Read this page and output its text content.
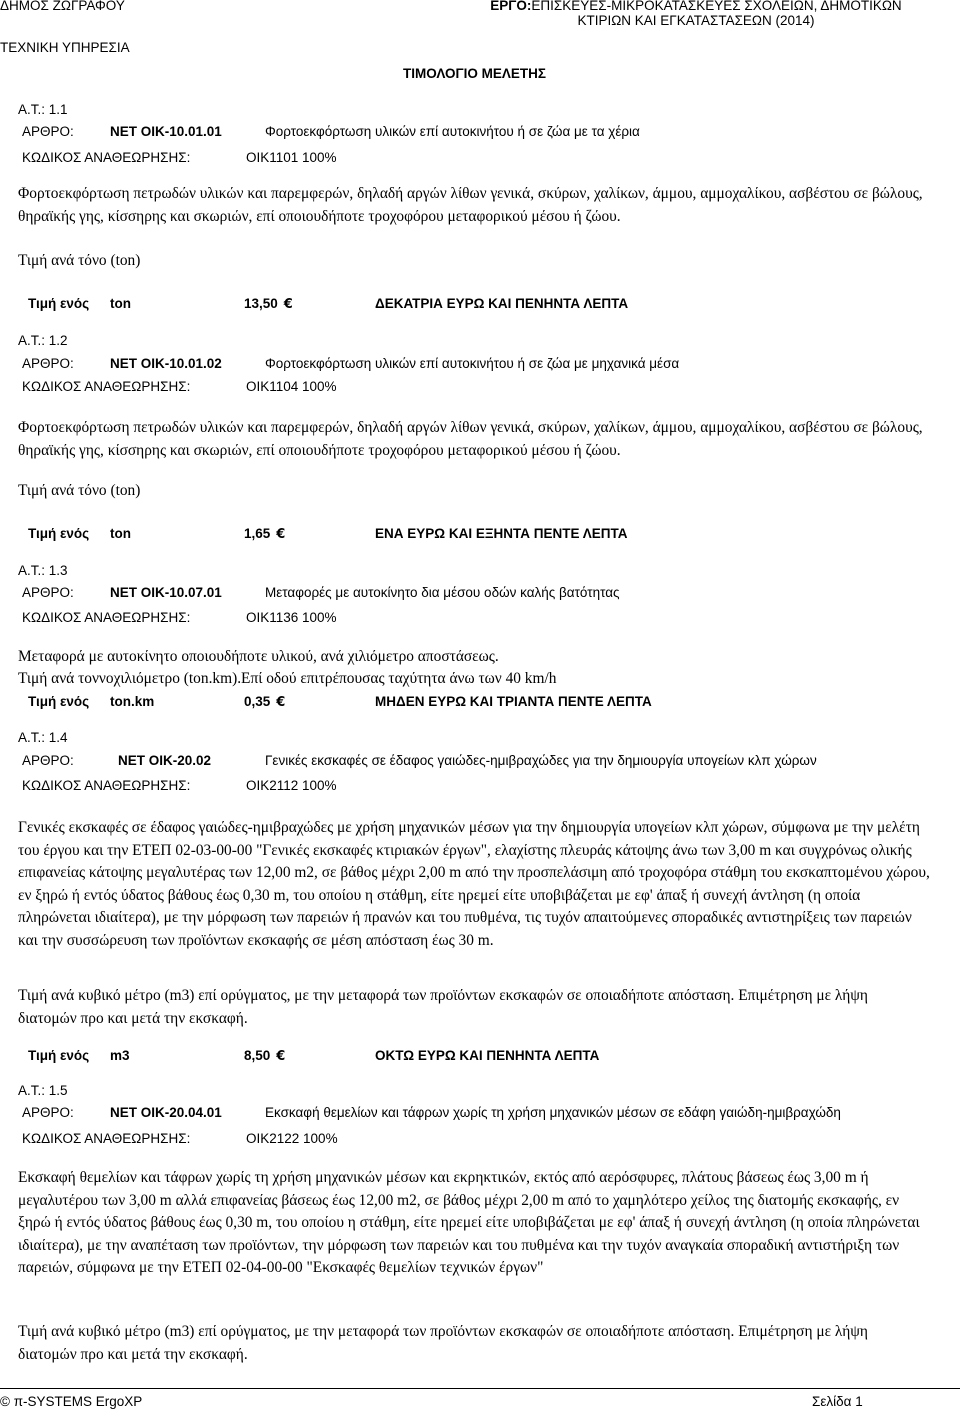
ΔΗΜΟΣ ΖΩΓΡΑΦΟΥ
ΤΕΧΝΙΚΗ ΥΠΗΡΕΣΙΑ
ΕΡΓΟ:ΕΠΙΣΚΕΥΕΣ-ΜΙΚΡΟΚΑΤΑΣΚΕΥΕΣ ΣΧΟΛΕΙΩΝ, ΔΗΜΟΤΙΚΩΝ
ΚΤΙΡΙΩΝ ΚΑΙ ΕΓΚΑΤΑΣΤΑΣΕΩΝ (2014)
ΤΙΜΟΛΟΓΙΟ ΜΕΛΕΤΗΣ
Α.Τ.: 1.1
ΑΡΘΡΟ:	ΝΕΤ ΟΙΚ-10.01.01	Φορτοεκφόρτωση υλικών επί αυτοκινήτου ή σε ζώα με τα χέρια
ΚΩΔΙΚΟΣ ΑΝΑΘΕΩΡΗΣΗΣ:	ΟΙΚ1101 100%
Φορτοεκφόρτωση πετρωδών υλικών και παρεμφερών, δηλαδή αργών λίθων γενικά, σκύρων, χαλίκων, άμμου, αμμοχαλίκου, ασβέστου σε βώλους, θηραϊκής γης, κίσσηρης και σκωριών, επί οποιουδήποτε τροχοφόρου μεταφορικού μέσου ή ζώου.
Τιμή ανά τόνο (ton)
Τιμή ενός ton	13,50 €	ΔΕΚΑΤΡΙΑ ΕΥΡΩ ΚΑΙ ΠΕΝΗΝΤΑ ΛΕΠΤΑ
Α.Τ.: 1.2
ΑΡΘΡΟ:	ΝΕΤ ΟΙΚ-10.01.02	Φορτοεκφόρτωση υλικών επί αυτοκινήτου ή σε ζώα με μηχανικά μέσα
ΚΩΔΙΚΟΣ ΑΝΑΘΕΩΡΗΣΗΣ:	ΟΙΚ1104 100%
Φορτοεκφόρτωση πετρωδών υλικών και παρεμφερών, δηλαδή αργών λίθων γενικά, σκύρων, χαλίκων, άμμου, αμμοχαλίκου, ασβέστου σε βώλους, θηραϊκής γης, κίσσηρης και σκωριών, επί οποιουδήποτε τροχοφόρου μεταφορικού μέσου ή ζώου.
Τιμή ανά τόνο (ton)
Τιμή ενός ton	1,65 €	ΕΝΑ ΕΥΡΩ ΚΑΙ ΕΞΗΝΤΑ ΠΕΝΤΕ ΛΕΠΤΑ
Α.Τ.: 1.3
ΑΡΘΡΟ:	ΝΕΤ ΟΙΚ-10.07.01	Μεταφορές με αυτοκίνητο δια μέσου οδών καλής βατότητας
ΚΩΔΙΚΟΣ ΑΝΑΘΕΩΡΗΣΗΣ:	ΟΙΚ1136 100%
Μεταφορά με αυτοκίνητο οποιουδήποτε υλικού, ανά χιλιόμετρο αποστάσεως.
Τιμή ανά τοννοχιλιόμετρο (ton.km).Επί οδού επιτρέπουσας ταχύτητα άνω των 40 km/h
Τιμή ενός ton.km	0,35 €	ΜΗΔΕΝ ΕΥΡΩ ΚΑΙ ΤΡΙΑΝΤΑ ΠΕΝΤΕ ΛΕΠΤΑ
Α.Τ.: 1.4
ΑΡΘΡΟ:	ΝΕΤ ΟΙΚ-20.02	Γενικές εκσκαφές σε έδαφος γαιώδες-ημιβραχώδες για την δημιουργία υπογείων κλπ χώρων
ΚΩΔΙΚΟΣ ΑΝΑΘΕΩΡΗΣΗΣ:	ΟΙΚ2112 100%
Γενικές εκσκαφές σε έδαφος γαιώδες-ημιβραχώδες με χρήση μηχανικών μέσων για την δημιουργία υπογείων κλπ χώρων, σύμφωνα με την μελέτη του έργου και την ΕΤΕΠ 02-03-00-00 "Γενικές εκσκαφές κτιριακών έργων", ελαχίστης πλευράς κάτοψης άνω των 3,00 m και συγχρόνως ολικής επιφανείας κάτοψης μεγαλυτέρας των 12,00 m2, σε βάθος μέχρι 2,00 m από την προσπελάσιμη από τροχοφόρα στάθμη του εκσκαπτομένου χώρου, εν ξηρώ ή εντός ύδατος βάθους έως 0,30 m, του οποίου η στάθμη, είτε ηρεμεί είτε υποβιβάζεται με εφ' άπαξ ή συνεχή άντληση (η οποία πληρώνεται ιδιαίτερα), με την μόρφωση των παρειών ή πρανών και του πυθμένα, τις τυχόν απαιτούμενες σποραδικές αντιστηρίξεις των παρειών και την συσσώρευση των προϊόντων εκσκαφής σε μέση απόσταση έως 30 m.
Τιμή ανά κυβικό μέτρο (m3) επί ορύγματος, με την μεταφορά των προϊόντων εκσκαφών σε οποιαδήποτε απόσταση. Επιμέτρηση με λήψη διατομών προ και μετά την εκσκαφή.
Τιμή ενός m3	8,50 €	ΟΚΤΩ ΕΥΡΩ ΚΑΙ ΠΕΝΗΝΤΑ ΛΕΠΤΑ
Α.Τ.: 1.5
ΑΡΘΡΟ:	ΝΕΤ ΟΙΚ-20.04.01	Εκσκαφή θεμελίων και τάφρων χωρίς τη χρήση μηχανικών μέσων σε εδάφη γαιώδη-ημιβραχώδη
ΚΩΔΙΚΟΣ ΑΝΑΘΕΩΡΗΣΗΣ:	ΟΙΚ2122 100%
Εκσκαφή θεμελίων και τάφρων χωρίς τη χρήση μηχανικών μέσων και εκρηκτικών, εκτός από αερόσφυρες, πλάτους βάσεως έως 3,00 m ή μεγαλυτέρου των 3,00 m αλλά επιφανείας βάσεως έως 12,00 m2, σε βάθος μέχρι 2,00 m από το χαμηλότερο χείλος της διατομής εκσκαφής, εν ξηρώ ή εντός ύδατος βάθους έως 0,30 m, του οποίου η στάθμη, είτε ηρεμεί είτε υποβιβάζεται με εφ' άπαξ ή συνεχή άντληση (η οποία πληρώνεται ιδιαίτερα), με την αναπέταση των προϊόντων, την μόρφωση των παρειών και του πυθμένα και την τυχόν αναγκαία σποραδική αντιστήριξη των παρειών, σύμφωνα με την ΕΤΕΠ 02-04-00-00 "Εκσκαφές θεμελίων τεχνικών έργων"
Τιμή ανά κυβικό μέτρο (m3) επί ορύγματος, με την μεταφορά των προϊόντων εκσκαφών σε οποιαδήποτε απόσταση. Επιμέτρηση με λήψη διατομών προ και μετά την εκσκαφή.
© π-SYSTEMS ErgoXP	Σελίδα 1
